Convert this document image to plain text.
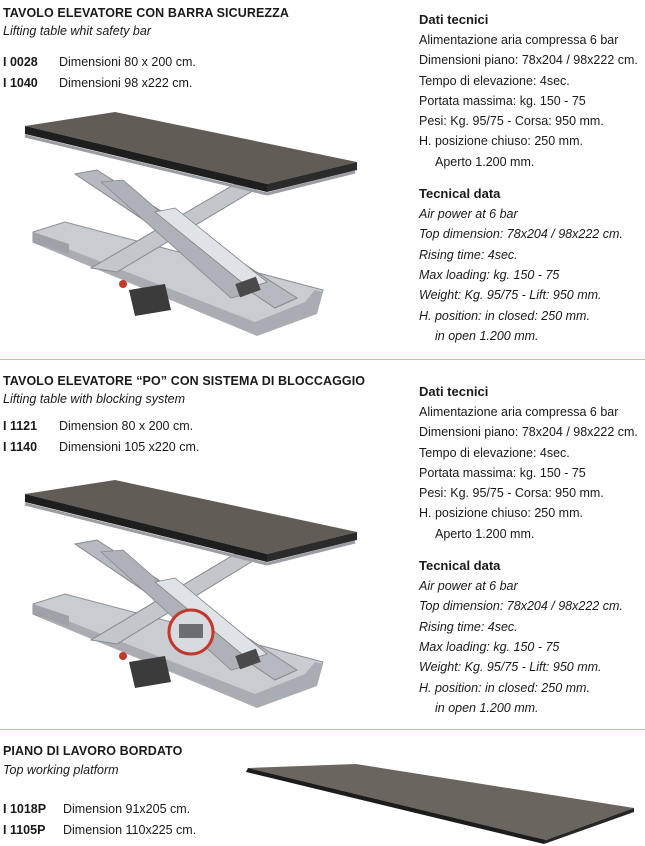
TAVOLO ELEVATORE CON BARRA SICUREZZA
Lifting table whit safety bar
I 0028 Dimensioni 80 x 200 cm.
I 1040 Dimensioni 98 x222 cm.
Dati tecnici
Alimentazione aria compressa 6 bar
Dimensioni piano: 78x204 / 98x222 cm.
Tempo di elevazione: 4sec.
Portata massima: kg. 150 - 75
Pesi: Kg. 95/75 - Corsa: 950 mm.
H. posizione chiuso: 250 mm.
Aperto 1.200 mm.
Tecnical data
Air power at 6 bar
Top dimension: 78x204 / 98x222 cm.
Rising time: 4sec.
Max loading: kg. 150 - 75
Weight: Kg. 95/75 - Lift: 950 mm.
H. position: in closed: 250 mm.
in open 1.200 mm.
TAVOLO ELEVATORE “PO” CON SISTEMA DI BLOCCAGGIO
Lifting table with blocking system
I 1121 Dimension 80 x 200 cm.
I 1140 Dimensioni 105 x220 cm.
Dati tecnici
Alimentazione aria compressa 6 bar
Dimensioni piano: 78x204 / 98x222 cm.
Tempo di elevazione: 4sec.
Portata massima: kg. 150 - 75
Pesi: Kg. 95/75 - Corsa: 950 mm.
H. posizione chiuso: 250 mm.
Aperto 1.200 mm.
Tecnical data
Air power at 6 bar
Top dimension: 78x204 / 98x222 cm.
Rising time: 4sec.
Max loading: kg. 150 - 75
Weight: Kg. 95/75 - Lift: 950 mm.
H. position: in closed: 250 mm.
in open 1.200 mm.
PIANO DI LAVORO BORDATO
Top working platform
I 1018P Dimension 91x205 cm.
I 1105P Dimension 110x225 cm.
